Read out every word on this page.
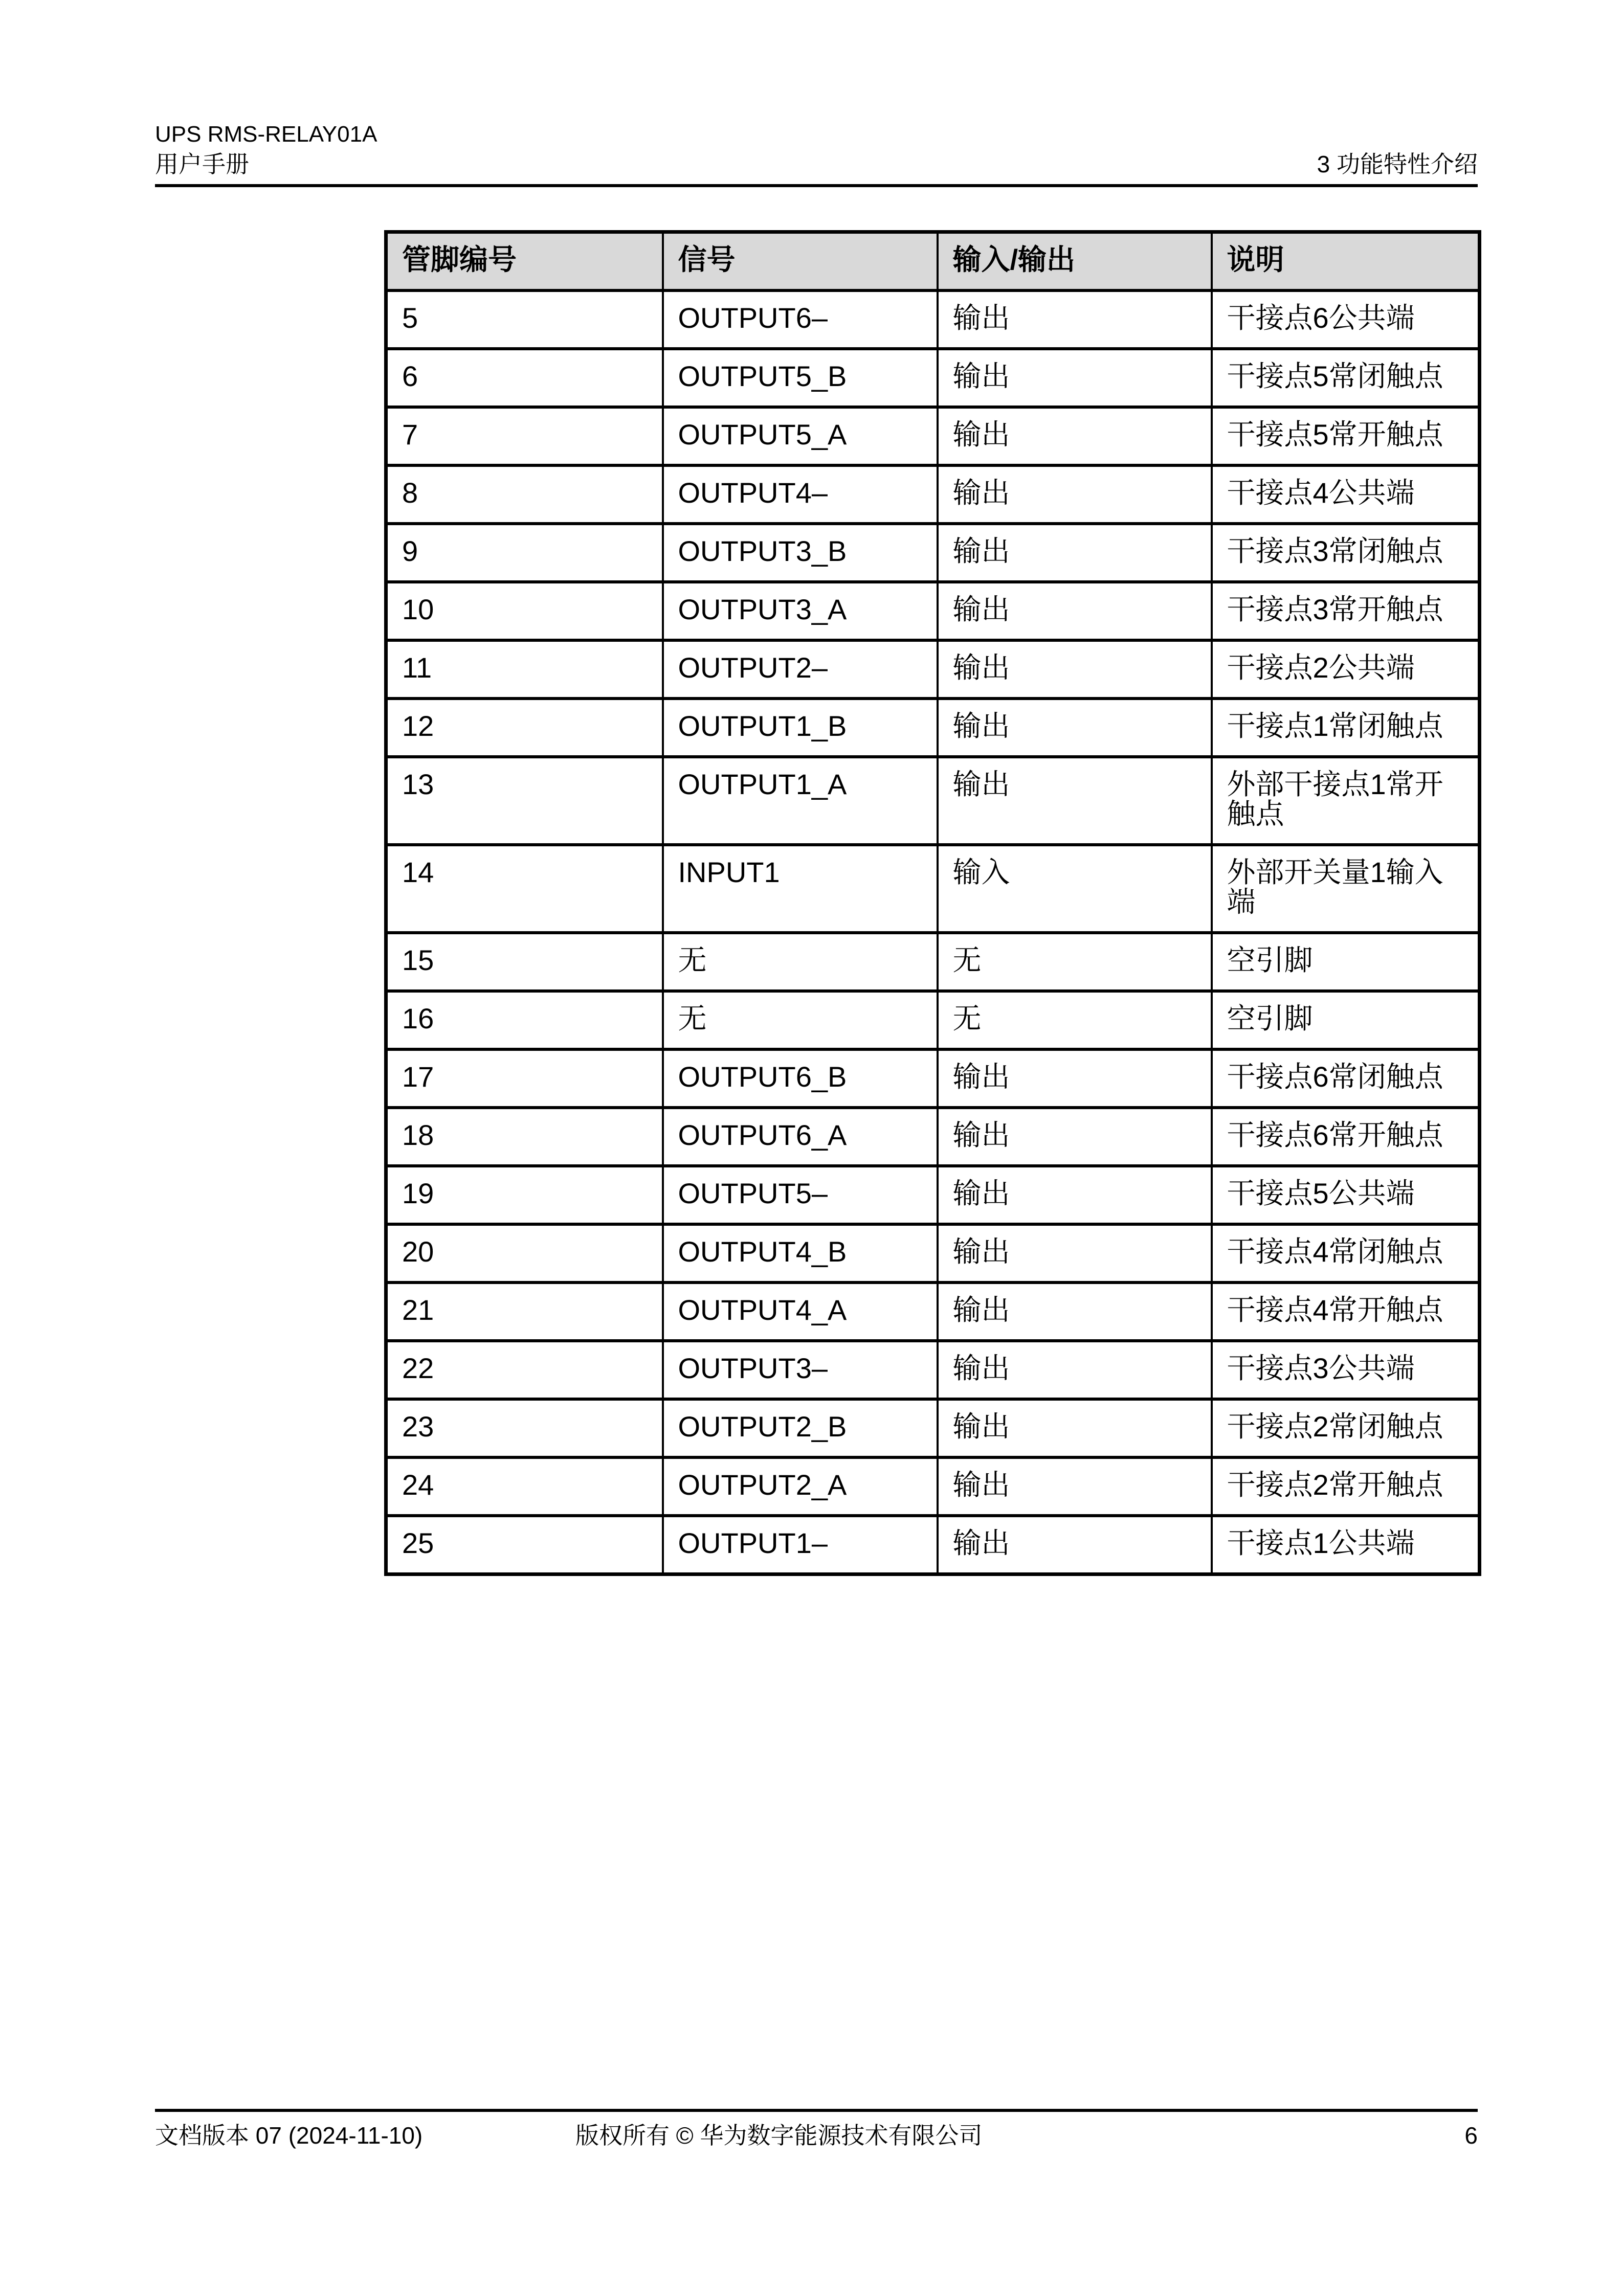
UPS RMS-RELAY01A
用户手册	3 功能特性介绍
管脚编号	信号	输入/输出	说明
5	OUTPUT6–	输出	干接点6公共端
6	OUTPUT5_B	输出	干接点5常闭触点
7	OUTPUT5_A	输出	干接点5常开触点
8	OUTPUT4–	输出	干接点4公共端
9	OUTPUT3_B	输出	干接点3常闭触点
10	OUTPUT3_A	输出	干接点3常开触点
11	OUTPUT2–	输出	干接点2公共端
12	OUTPUT1_B	输出	干接点1常闭触点
13	OUTPUT1_A	输出	外部干接点1常开触点
14	INPUT1	输入	外部开关量1输入端
15	无	无	空引脚
16	无	无	空引脚
17	OUTPUT6_B	输出	干接点6常闭触点
18	OUTPUT6_A	输出	干接点6常开触点
19	OUTPUT5–	输出	干接点5公共端
20	OUTPUT4_B	输出	干接点4常闭触点
21	OUTPUT4_A	输出	干接点4常开触点
22	OUTPUT3–	输出	干接点3公共端
23	OUTPUT2_B	输出	干接点2常闭触点
24	OUTPUT2_A	输出	干接点2常开触点
25	OUTPUT1–	输出	干接点1公共端
文档版本 07 (2024-11-10)	版权所有 © 华为数字能源技术有限公司	6
